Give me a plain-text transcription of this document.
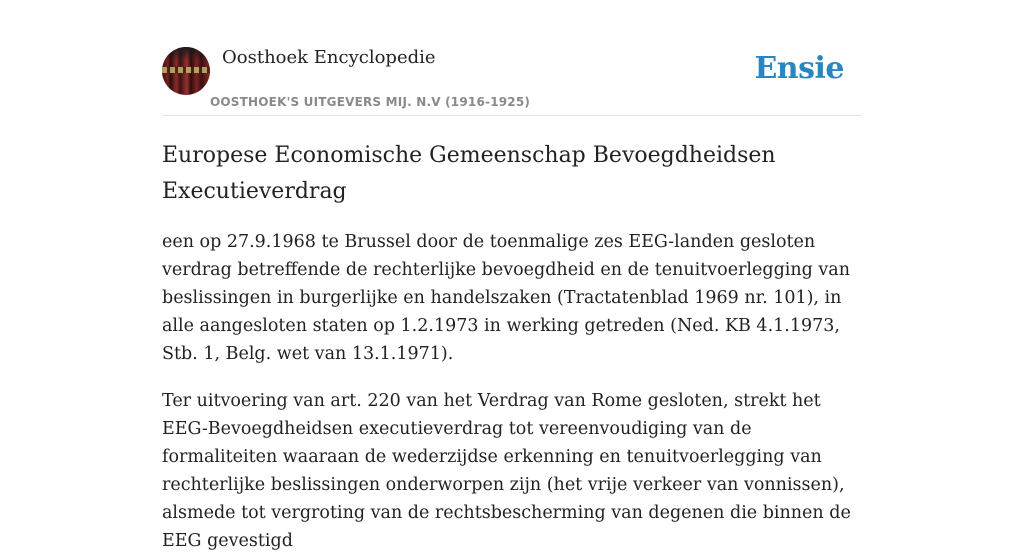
Oosthoek Encyclopedie
OOSTHOEK'S UITGEVERS MIJ. N.V (1916-1925)
Ensie
Europese Economische Gemeenschap Bevoegdheidsen Executieverdrag

een op 27.9.1968 te Brussel door de toenmalige zes EEG-landen gesloten verdrag betreffende de rechterlijke bevoegdheid en de tenuitvoerlegging van beslissingen in burgerlijke en handelszaken (Tractatenblad 1969 nr. 101), in alle aangesloten staten op 1.2.1973 in werking getreden (Ned. KB 4.1.1973, Stb. 1, Belg. wet van 13.1.1971).

Ter uitvoering van art. 220 van het Verdrag van Rome gesloten, strekt het EEG-Bevoegdheidsen executieverdrag tot vereenvoudiging van de formaliteiten waaraan de wederzijdse erkenning en tenuitvoerlegging van rechterlijke beslissingen onderworpen zijn (het vrije verkeer van vonnissen), alsmede tot vergroting van de rechtsbescherming van degenen die binnen de EEG gevestigd
